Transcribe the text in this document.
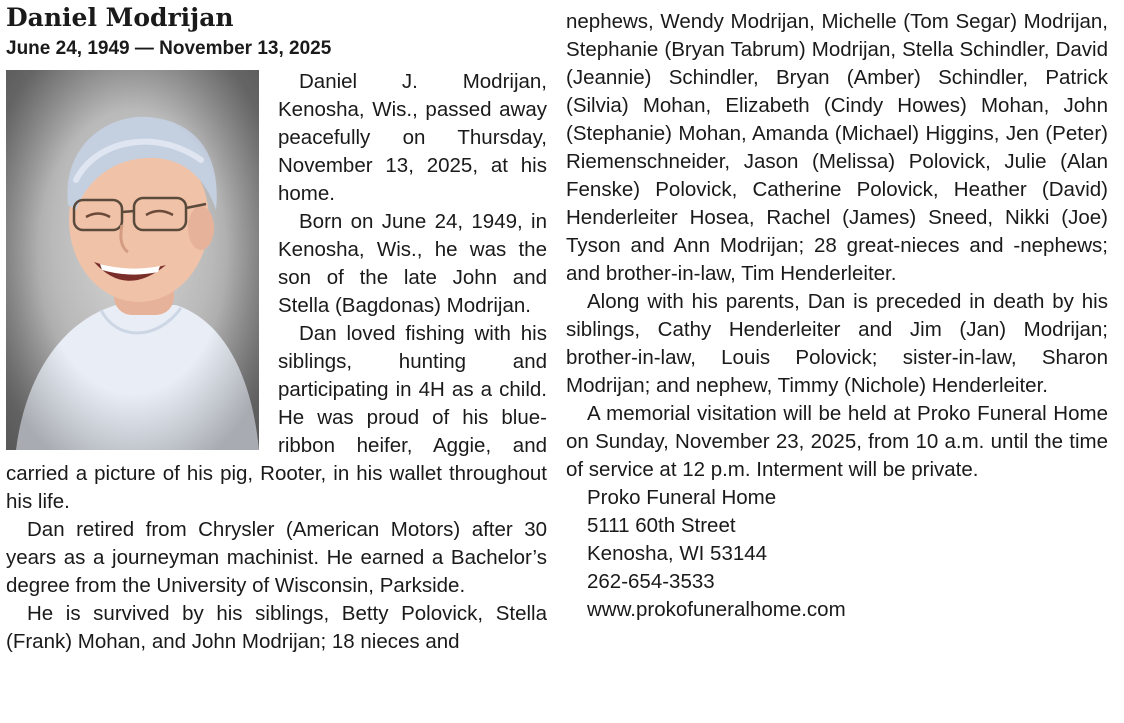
Daniel Modrijan
June 24, 1949 — November 13, 2025

Daniel J. Modrijan, Kenosha, Wis., passed away peacefully on Thursday, November 13, 2025, at his home.

Born on June 24, 1949, in Kenosha, Wis., he was the son of the late John and Stella (Bagdonas) Modrijan.

Dan loved fishing with his siblings, hunting and participating in 4H as a child. He was proud of his blue-ribbon heifer, Aggie, and carried a picture of his pig, Rooter, in his wallet throughout his life.

Dan retired from Chrysler (American Motors) after 30 years as a journeyman machinist. He earned a Bachelor’s degree from the University of Wisconsin, Parkside.

He is survived by his siblings, Betty Polovick, Stella (Frank) Mohan, and John Modrijan; 18 nieces and

nephews, Wendy Modrijan, Michelle (Tom Segar) Modrijan, Stephanie (Bryan Tabrum) Modrijan, Stella Schindler, David (Jeannie) Schindler, Bryan (Amber) Schindler, Patrick (Silvia) Mohan, Elizabeth (Cindy Howes) Mohan, John (Stephanie) Mohan, Amanda (Michael) Higgins, Jen (Peter) Riemenschneider, Jason (Melissa) Polovick, Julie (Alan Fenske) Polovick, Catherine Polovick, Heather (David) Henderleiter Hosea, Rachel (James) Sneed, Nikki (Joe) Tyson and Ann Modrijan; 28 great-nieces and -nephews; and brother-in-law, Tim Henderleiter.

Along with his parents, Dan is preceded in death by his siblings, Cathy Henderleiter and Jim (Jan) Modrijan; brother-in-law, Louis Polovick; sister-in-law, Sharon Modrijan; and nephew, Timmy (Nichole) Henderleiter.

A memorial visitation will be held at Proko Funeral Home on Sunday, November 23, 2025, from 10 a.m. until the time of service at 12 p.m. Interment will be private.

Proko Funeral Home
5111 60th Street
Kenosha, WI 53144
262-654-3533
www.prokofuneralhome.com
